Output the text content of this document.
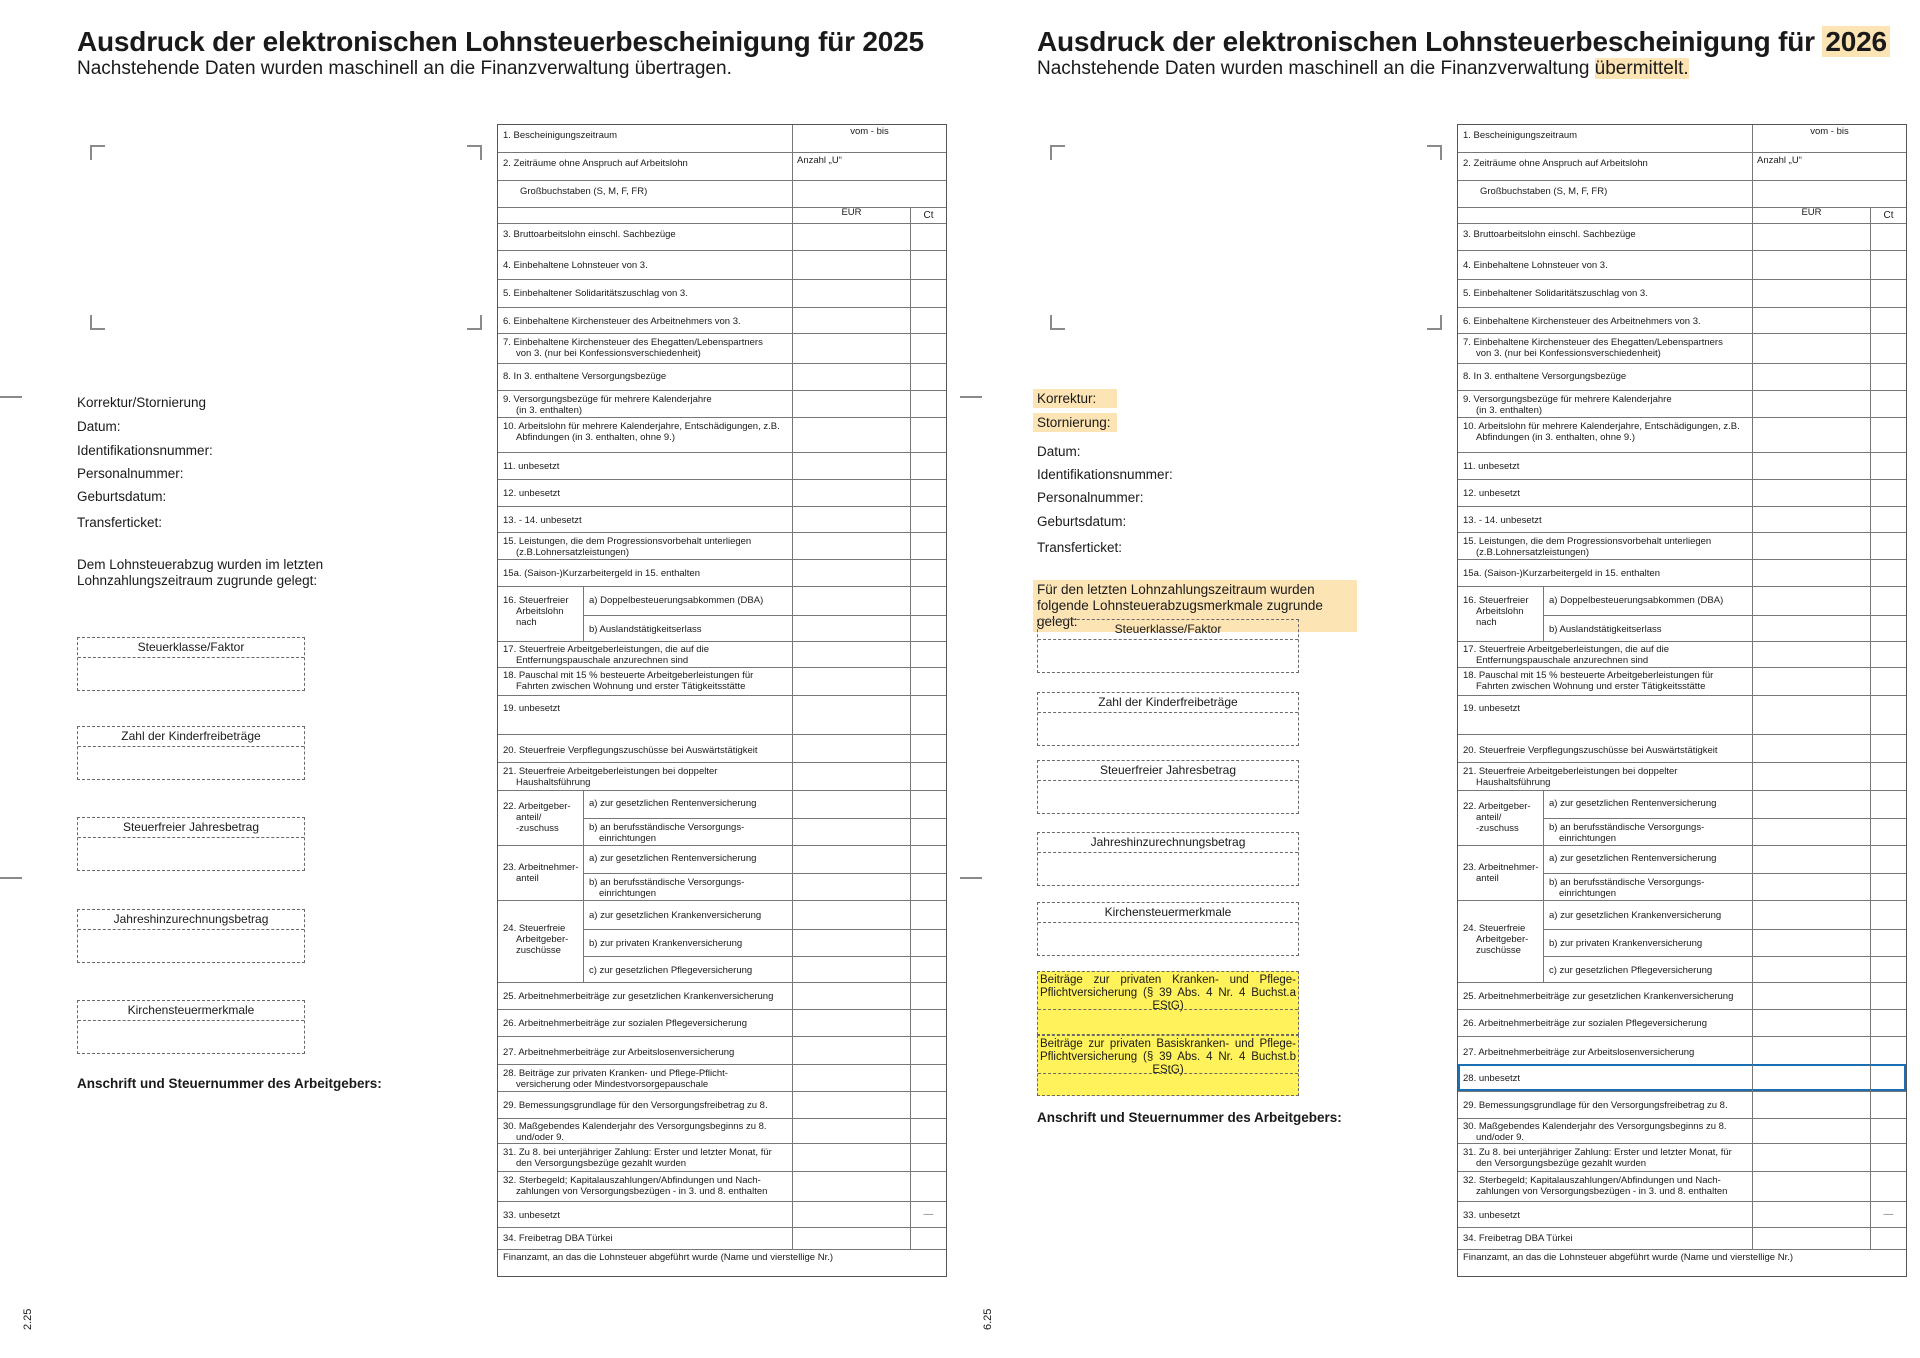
Ausdruck der elektronischen Lohnsteuerbescheinigung für 2025
Nachstehende Daten wurden maschinell an die Finanzverwaltung übertragen.
Korrektur/Stornierung
Datum:
Identifikationsnummer:
Personalnummer:
Geburtsdatum:
Transferticket:
Dem Lohnsteuerabzug wurden im letzten Lohnzahlungszeitraum zugrunde gelegt:
Steuerklasse/Faktor
Zahl der Kinderfreibeträge
Steuerfreier Jahresbetrag
Jahreshinzurechnungsbetrag
Kirchensteuermerkmale
Anschrift und Steuernummer des Arbeitgebers:
2.25
1. Bescheinigungszeitraum	vom - bis
2. Zeiträume ohne Anspruch auf Arbeitslohn	Anzahl „U“
Großbuchstaben (S, M, F, FR)
EUR	Ct
3. Bruttoarbeitslohn einschl. Sachbezüge
4. Einbehaltene Lohnsteuer von 3.
5. Einbehaltener Solidaritätszuschlag von 3.
6. Einbehaltene Kirchensteuer des Arbeitnehmers von 3.
7. Einbehaltene Kirchensteuer des Ehegatten/Lebenspartners
von 3. (nur bei Konfessionsverschiedenheit)
8. In 3. enthaltene Versorgungsbezüge
9. Versorgungsbezüge für mehrere Kalenderjahre
(in 3. enthalten)
10. Arbeitslohn für mehrere Kalenderjahre, Entschädigungen, z.B.
Abfindungen (in 3. enthalten, ohne 9.)
11. unbesetzt
12. unbesetzt
13. - 14. unbesetzt
15. Leistungen, die dem Progressionsvorbehalt unterliegen
(z.B.Lohnersatzleistungen)
15a. (Saison-)Kurzarbeitergeld in 15. enthalten
16. Steuerfreier
Arbeitslohn
nach
a) Doppelbesteuerungsabkommen (DBA)
b) Auslandstätigkeitserlass
17. Steuerfreie Arbeitgeberleistungen, die auf die
Entfernungspauschale anzurechnen sind
18. Pauschal mit 15 % besteuerte Arbeitgeberleistungen für
Fahrten zwischen Wohnung und erster Tätigkeitsstätte
19. unbesetzt
20. Steuerfreie Verpflegungszuschüsse bei Auswärtstätigkeit
21. Steuerfreie Arbeitgeberleistungen bei doppelter
Haushaltsführung
22. Arbeitgeber-
anteil/
-zuschuss
a) zur gesetzlichen Rentenversicherung
b) an berufsständische Versorgungs-
einrichtungen
23. Arbeitnehmer-
anteil
a) zur gesetzlichen Rentenversicherung
b) an berufsständische Versorgungs-
einrichtungen
24. Steuerfreie
Arbeitgeber-
zuschüsse
a) zur gesetzlichen Krankenversicherung
b) zur privaten Krankenversicherung
c) zur gesetzlichen Pflegeversicherung
25. Arbeitnehmerbeiträge zur gesetzlichen Krankenversicherung
26. Arbeitnehmerbeiträge zur sozialen Pflegeversicherung
27. Arbeitnehmerbeiträge zur Arbeitslosenversicherung
28. Beiträge zur privaten Kranken- und Pflege-Pflicht-
versicherung oder Mindestvorsorgepauschale
29. Bemessungsgrundlage für den Versorgungsfreibetrag zu 8.
30. Maßgebendes Kalenderjahr des Versorgungsbeginns zu 8.
und/oder 9.
31. Zu 8. bei unterjähriger Zahlung: Erster und letzter Monat, für
den Versorgungsbezüge gezahlt wurden
32. Sterbegeld; Kapitalauszahlungen/Abfindungen und Nach-
zahlungen von Versorgungsbezügen - in 3. und 8. enthalten
33. unbesetzt	—
34. Freibetrag DBA Türkei
Finanzamt, an das die Lohnsteuer abgeführt wurde (Name und vierstellige Nr.)
Ausdruck der elektronischen Lohnsteuerbescheinigung für 2026
Nachstehende Daten wurden maschinell an die Finanzverwaltung übermittelt.
Korrektur:
Stornierung:
Datum:
Identifikationsnummer:
Personalnummer:
Geburtsdatum:
Transferticket:
Für den letzten Lohnzahlungszeitraum wurden folgende Lohnsteuerabzugsmerkmale zugrunde gelegt:	Steuerklasse/Faktor
Zahl der Kinderfreibeträge
Steuerfreier Jahresbetrag
Jahreshinzurechnungsbetrag
Kirchensteuermerkmale
Beiträge zur privaten Kranken- und Pflege-Pflichtversicherung (§ 39 Abs. 4 Nr. 4 Buchst.a EStG)
Beiträge zur privaten Basiskranken- und Pflege-Pflichtversicherung (§ 39 Abs. 4 Nr. 4 Buchst.b EStG)
Anschrift und Steuernummer des Arbeitgebers:
6.25
1. Bescheinigungszeitraum	vom - bis
2. Zeiträume ohne Anspruch auf Arbeitslohn	Anzahl „U“
Großbuchstaben (S, M, F, FR)
EUR	Ct
3. Bruttoarbeitslohn einschl. Sachbezüge
4. Einbehaltene Lohnsteuer von 3.
5. Einbehaltener Solidaritätszuschlag von 3.
6. Einbehaltene Kirchensteuer des Arbeitnehmers von 3.
7. Einbehaltene Kirchensteuer des Ehegatten/Lebenspartners
von 3. (nur bei Konfessionsverschiedenheit)
8. In 3. enthaltene Versorgungsbezüge
9. Versorgungsbezüge für mehrere Kalenderjahre
(in 3. enthalten)
10. Arbeitslohn für mehrere Kalenderjahre, Entschädigungen, z.B.
Abfindungen (in 3. enthalten, ohne 9.)
11. unbesetzt
12. unbesetzt
13. - 14. unbesetzt
15. Leistungen, die dem Progressionsvorbehalt unterliegen
(z.B.Lohnersatzleistungen)
15a. (Saison-)Kurzarbeitergeld in 15. enthalten
16. Steuerfreier
Arbeitslohn
nach
a) Doppelbesteuerungsabkommen (DBA)
b) Auslandstätigkeitserlass
17. Steuerfreie Arbeitgeberleistungen, die auf die
Entfernungspauschale anzurechnen sind
18. Pauschal mit 15 % besteuerte Arbeitgeberleistungen für
Fahrten zwischen Wohnung und erster Tätigkeitsstätte
19. unbesetzt
20. Steuerfreie Verpflegungszuschüsse bei Auswärtstätigkeit
21. Steuerfreie Arbeitgeberleistungen bei doppelter
Haushaltsführung
22. Arbeitgeber-
anteil/
-zuschuss
a) zur gesetzlichen Rentenversicherung
b) an berufsständische Versorgungs-
einrichtungen
23. Arbeitnehmer-
anteil
a) zur gesetzlichen Rentenversicherung
b) an berufsständische Versorgungs-
einrichtungen
24. Steuerfreie
Arbeitgeber-
zuschüsse
a) zur gesetzlichen Krankenversicherung
b) zur privaten Krankenversicherung
c) zur gesetzlichen Pflegeversicherung
25. Arbeitnehmerbeiträge zur gesetzlichen Krankenversicherung
26. Arbeitnehmerbeiträge zur sozialen Pflegeversicherung
27. Arbeitnehmerbeiträge zur Arbeitslosenversicherung
28. unbesetzt
29. Bemessungsgrundlage für den Versorgungsfreibetrag zu 8.
30. Maßgebendes Kalenderjahr des Versorgungsbeginns zu 8.
und/oder 9.
31. Zu 8. bei unterjähriger Zahlung: Erster und letzter Monat, für
den Versorgungsbezüge gezahlt wurden
32. Sterbegeld; Kapitalauszahlungen/Abfindungen und Nach-
zahlungen von Versorgungsbezügen - in 3. und 8. enthalten
33. unbesetzt	—
34. Freibetrag DBA Türkei
Finanzamt, an das die Lohnsteuer abgeführt wurde (Name und vierstellige Nr.)
